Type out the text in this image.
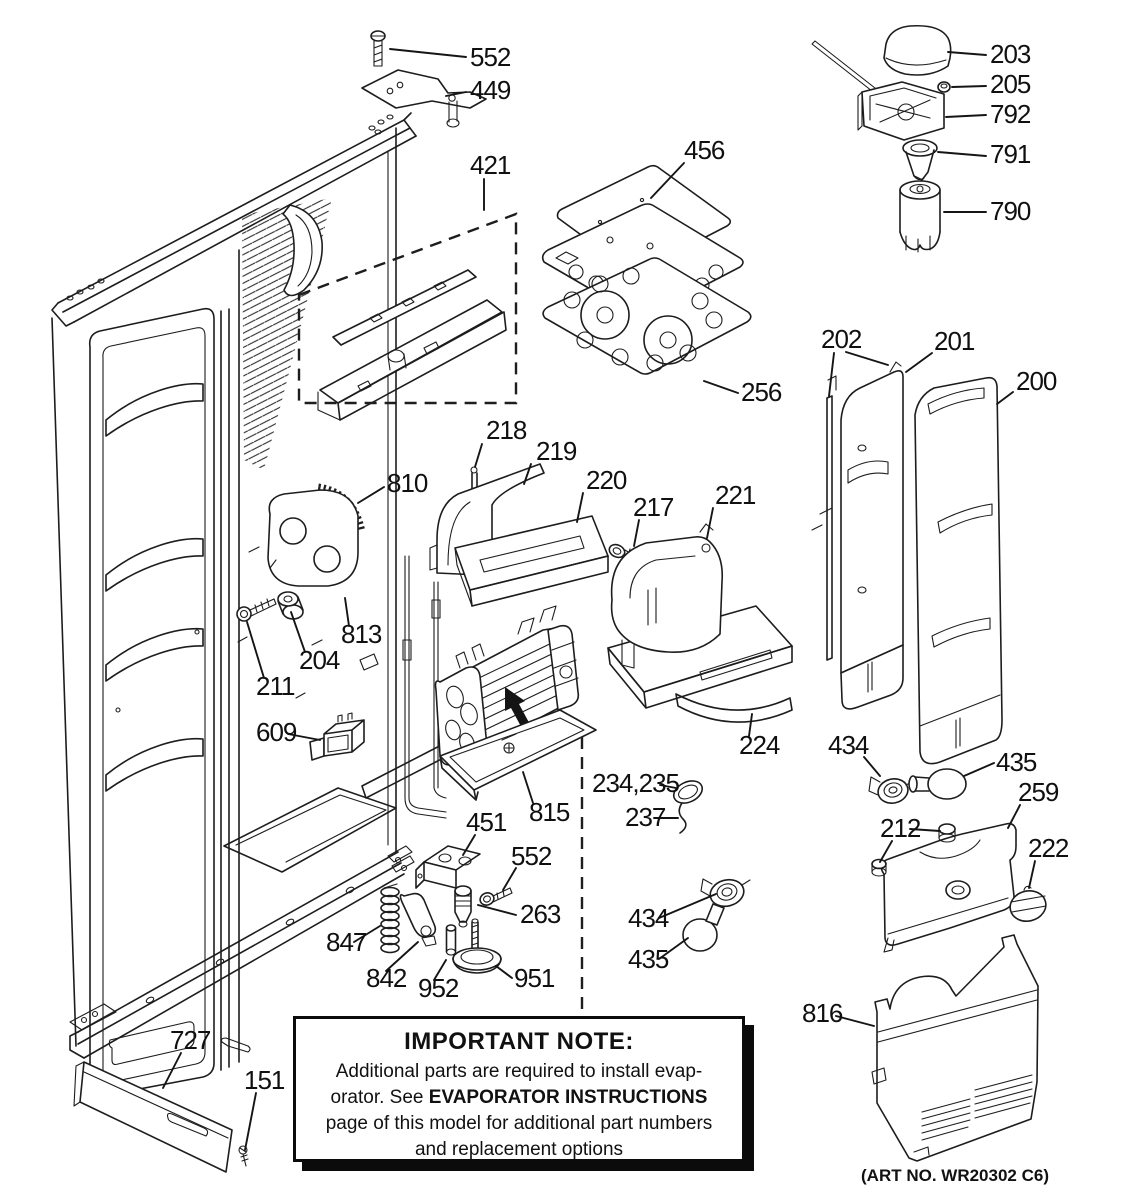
552
449
421	456
256
203
205
792
791
790
202	201
200
218
219
220
217 221
810
813
204
211
609
815
224
234,235
237
451
552
263	434
435
847
842 952 951
434
435
259
212
222
816
727
151
IMPORTANT NOTE:
Additional parts are required to install evap-
orator. See EVAPORATOR INSTRUCTIONS
page of this model for additional part numbers
and replacement options
(ART NO. WR20302 C6)
